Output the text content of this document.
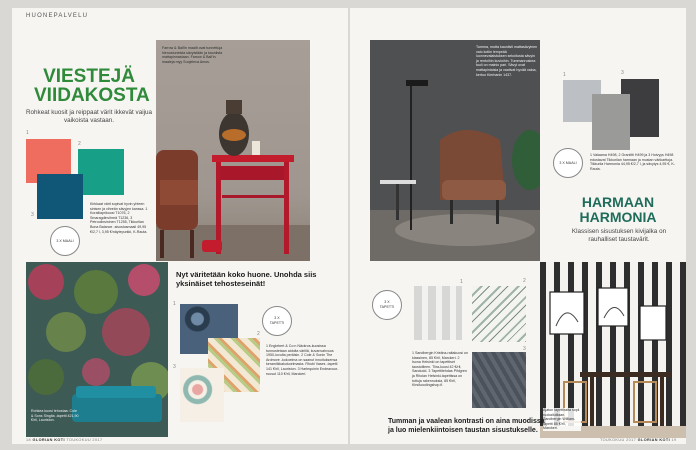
HUONEPALVELU
VIESTEJÄ
VIIDAKOSTA
Rohkeat kuosit ja reippaat värit ikkevät vaijua vaikoista vastaan.
1
2
3
Kirkkaat värit sopivat hyvin yhteen sinisen ja vihreän sävyjen kanssa. 1 Koralliaprikoosi T1076, 2 Smaragdinvihreä T1236, 3 Petroolinsininen T1255, Tikkurilan Bona Balance -sisustusmaali 49,95 €/2,7 l, 3,95 €/näytepurkki, K-Rauta.
3 X MAALI
Farrow & Ball'in maalit ovat tunnettuja hienostuneista sävyistään ja kauniista mattapinnastaan. Farrow & Ball'in maaleja myy Suojeleva Amos.
Rohkea kuosi tehostaa: Cole & Sons Singita -tapetti 421,90 €/rll, Lauriston.
Nyt väritetään koko huone. Unohda siis yksinäiset tehosteseinät!
1
3 X TAPETTI
2
3
1 Englebert & Co:n Näckros-kuosissa tunnustetaan aidolta värillä, kuvanvahvuus 1950-luvulta peräisin. 2 Cole & Sonin The Ardmore -kokoelma on saanut innoituksensa keramiikkakokoelmasta. Rhubi Vases -tapetti 141 €/rll, Lauriston. 3 Harlequinin Endeavour-ruusut 110 €/rll, Marckeri.
18 GLORIAN KOTI TOUKOKUU 2017
Tumma, mutta kauniisti mattasävyinen valo kotiin lempeää luonnevalaistuksen sekoitusta sävyin ja rentoihin kuvioihin. Tummanruskea tuoli on mainio pari. Sävyt ovat mattapintaisia ja vaativat hyvää valoa, kertoo Kierhanin 1437.	1	3
3 X MAALI
1 Valaama H498, 2 Graniitti H499 ja 3 Hoivyys H498 edustavat Tikkurilan harmaan ja mustan värikarttoja. Tikkurila Harmonia 44,95 €/2,7 l, ja sävytys 4,95 €, K-Rauta.
HARMAAN
HARMONIA
Klassisen sisustuksen kivijalka on rauhalliset taustavärit.
3 X TAPETTI
1	2
3
1 Sandbergin Kristina-raitakuosi on klassinen, 85 €/rll, Marckeri. 2 Isona Helsinki on tapettiset taustoilleen. Tiira-kuosi 42 €/rll, Sandudd. 3 Tapettitehdas Pihlgren ja Ritolan Helsinki-tapettissa on tuttuja rakennuksia, 85 €/rll, Kirsikoodingshop.fi.
Ajaton tapettiraita sopii ruokailutilaan. Sandbergin William-tapetti 85 €/rll, Marckeri.
Tumman ja vaalean kontrasti on aina muodissa ja luo mielenkiintoisen taustan sisustukselle.
TOUKOKUU 2017 GLORIAN KOTI 19
